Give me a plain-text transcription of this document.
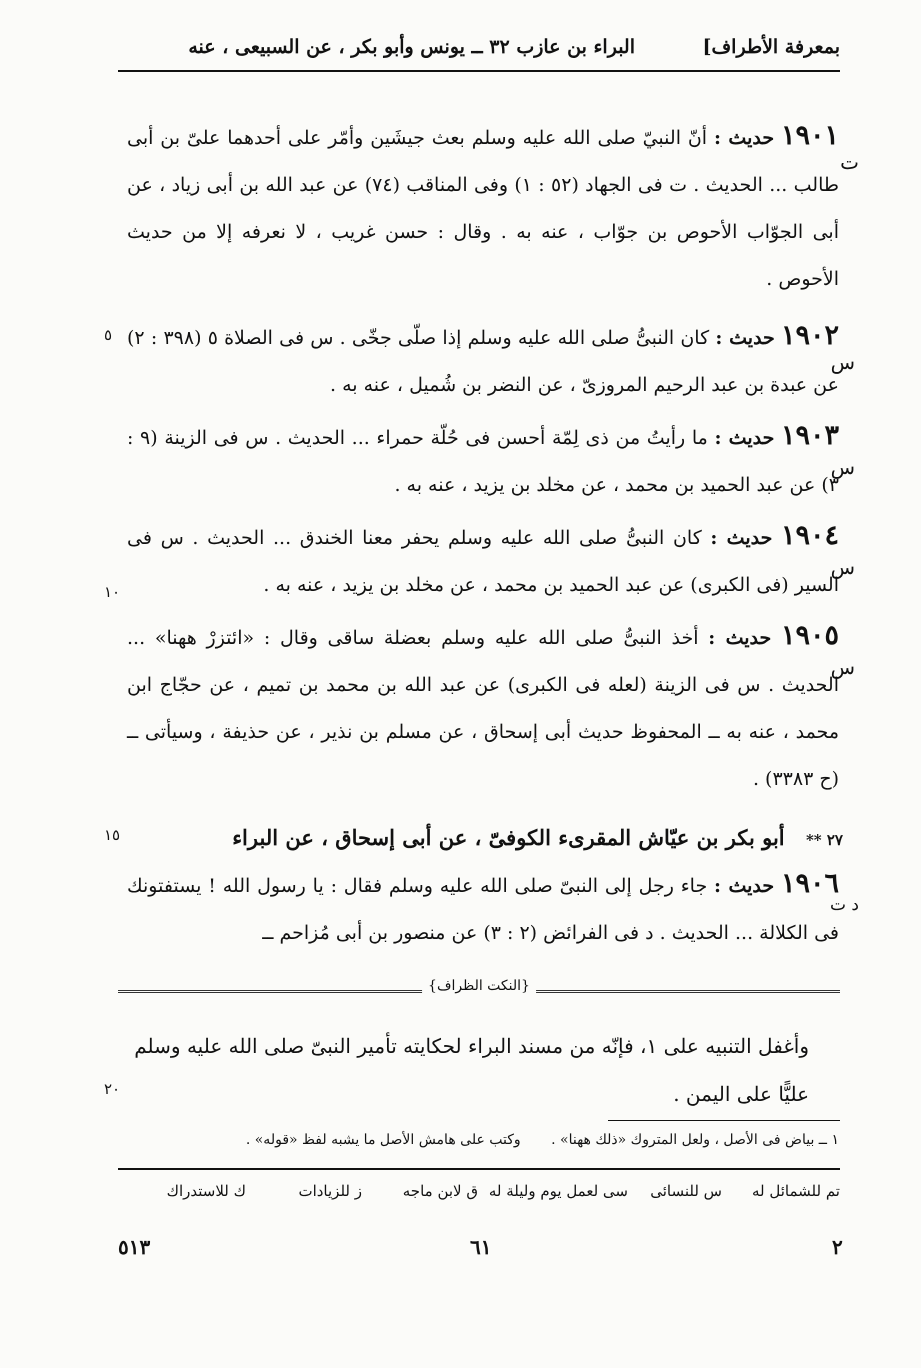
بمعرفة الأطراف]
البراء بن عازب ٣٢ ــ يونس وأبو بكر ، عن السبيعى ، عنه
١٩٠١ حديث : أنّ النبيّ صلى الله عليه وسلم بعث جيشَين وأمّر على أحدهما علىّ بن أبى طالب ... الحديث . ت فى الجهاد (٥٢ : ١) وفى المناقب (٧٤) عن عبد الله بن أبى زياد ، عن أبى الجوّاب الأحوص بن جوّاب ، عنه به . وقال : حسن غريب ، لا نعرفه إلا من حديث الأحوص .
ت
١٩٠٢ حديث : كان النبىُّ صلى الله عليه وسلم إذا صلّى جخّى . س فى الصلاة ٥ (٣٩٨ : ٢) عن عبدة بن عبد الرحيم المروزىّ ، عن النضر بن شُميل ، عنه به .
س
١٩٠٣ حديث : ما رأيتُ من ذى لِمّة أحسن فى حُلّة حمراء ... الحديث . س فى الزينة (٩ : ٣) عن عبد الحميد بن محمد ، عن مخلد بن يزيد ، عنه به .
س
١٩٠٤ حديث : كان النبىُّ صلى الله عليه وسلم يحفر معنا الخندق ... الحديث . س فى السير (فى الكبرى) عن عبد الحميد بن محمد ، عن مخلد بن يزيد ، عنه به .
س
١٩٠٥ حديث : أخذ النبىُّ صلى الله عليه وسلم بعضلة ساقى وقال : «ائتزرْ ههنا» ... الحديث . س فى الزينة (لعله فى الكبرى) عن عبد الله بن محمد بن تميم ، عن حجّاج ابن محمد ، عنه به ــ المحفوظ حديث أبى إسحاق ، عن مسلم بن نذير ، عن حذيفة ، وسيأتى ــ (ح ٣٣٨٣) .
س
٢٧ ** أبو بكر بن عيّاش المقرىء الكوفىّ ، عن أبى إسحاق ، عن البراء
١٩٠٦ حديث : جاء رجل إلى النبىّ صلى الله عليه وسلم فقال : يا رسول الله ! يستفتونك فى الكلالة ... الحديث . د فى الفرائض (٢ : ٣) عن منصور بن أبى مُزاحم ــ
د ت
٥
١٠
١٥
٢٠
{النكت الظراف}
وأغفل التنبيه على ١، فإنّه من مسند البراء لحكايته تأمير النبىّ صلى الله عليه وسلم عليًّا على اليمن .
١ ــ بياض فى الأصل ، ولعل المتروك «ذلك ههنا» . وكتب على هامش الأصل ما يشبه لفظ «قوله» .
تم للشمائل له
س للنسائى
سى لعمل يوم وليلة له
ق لابن ماجه
ز للزيادات
ك للاستدراك
٢
٦١
٥١٣
